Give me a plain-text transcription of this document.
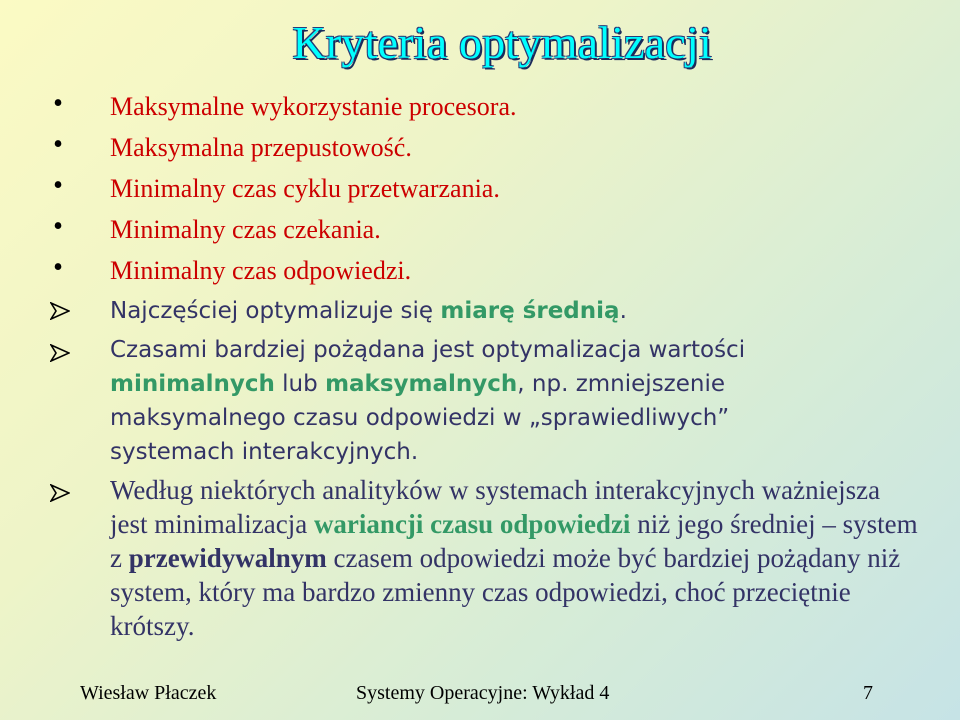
Kryteria optymalizacji
•	Maksymalne wykorzystanie procesora.
•	Maksymalna przepustowość.
•	Minimalny czas cyklu przetwarzania.
•	Minimalny czas czekania.
•	Minimalny czas odpowiedzi.
Najczęściej optymalizuje się miarę średnią.
Czasami bardziej pożądana jest optymalizacja wartości minimalnych lub maksymalnych, np. zmniejszenie maksymalnego czasu odpowiedzi w „sprawiedliwych” systemach interakcyjnych.
Według niektórych analityków w systemach interakcyjnych ważniejsza jest minimalizacja wariancji czasu odpowiedzi niż jego średniej – system z przewidywalnym czasem odpowiedzi może być bardziej pożądany niż system, który ma bardzo zmienny czas odpowiedzi, choć przeciętnie krótszy.
Wiesław Płaczek	Systemy Operacyjne: Wykład 4	7
